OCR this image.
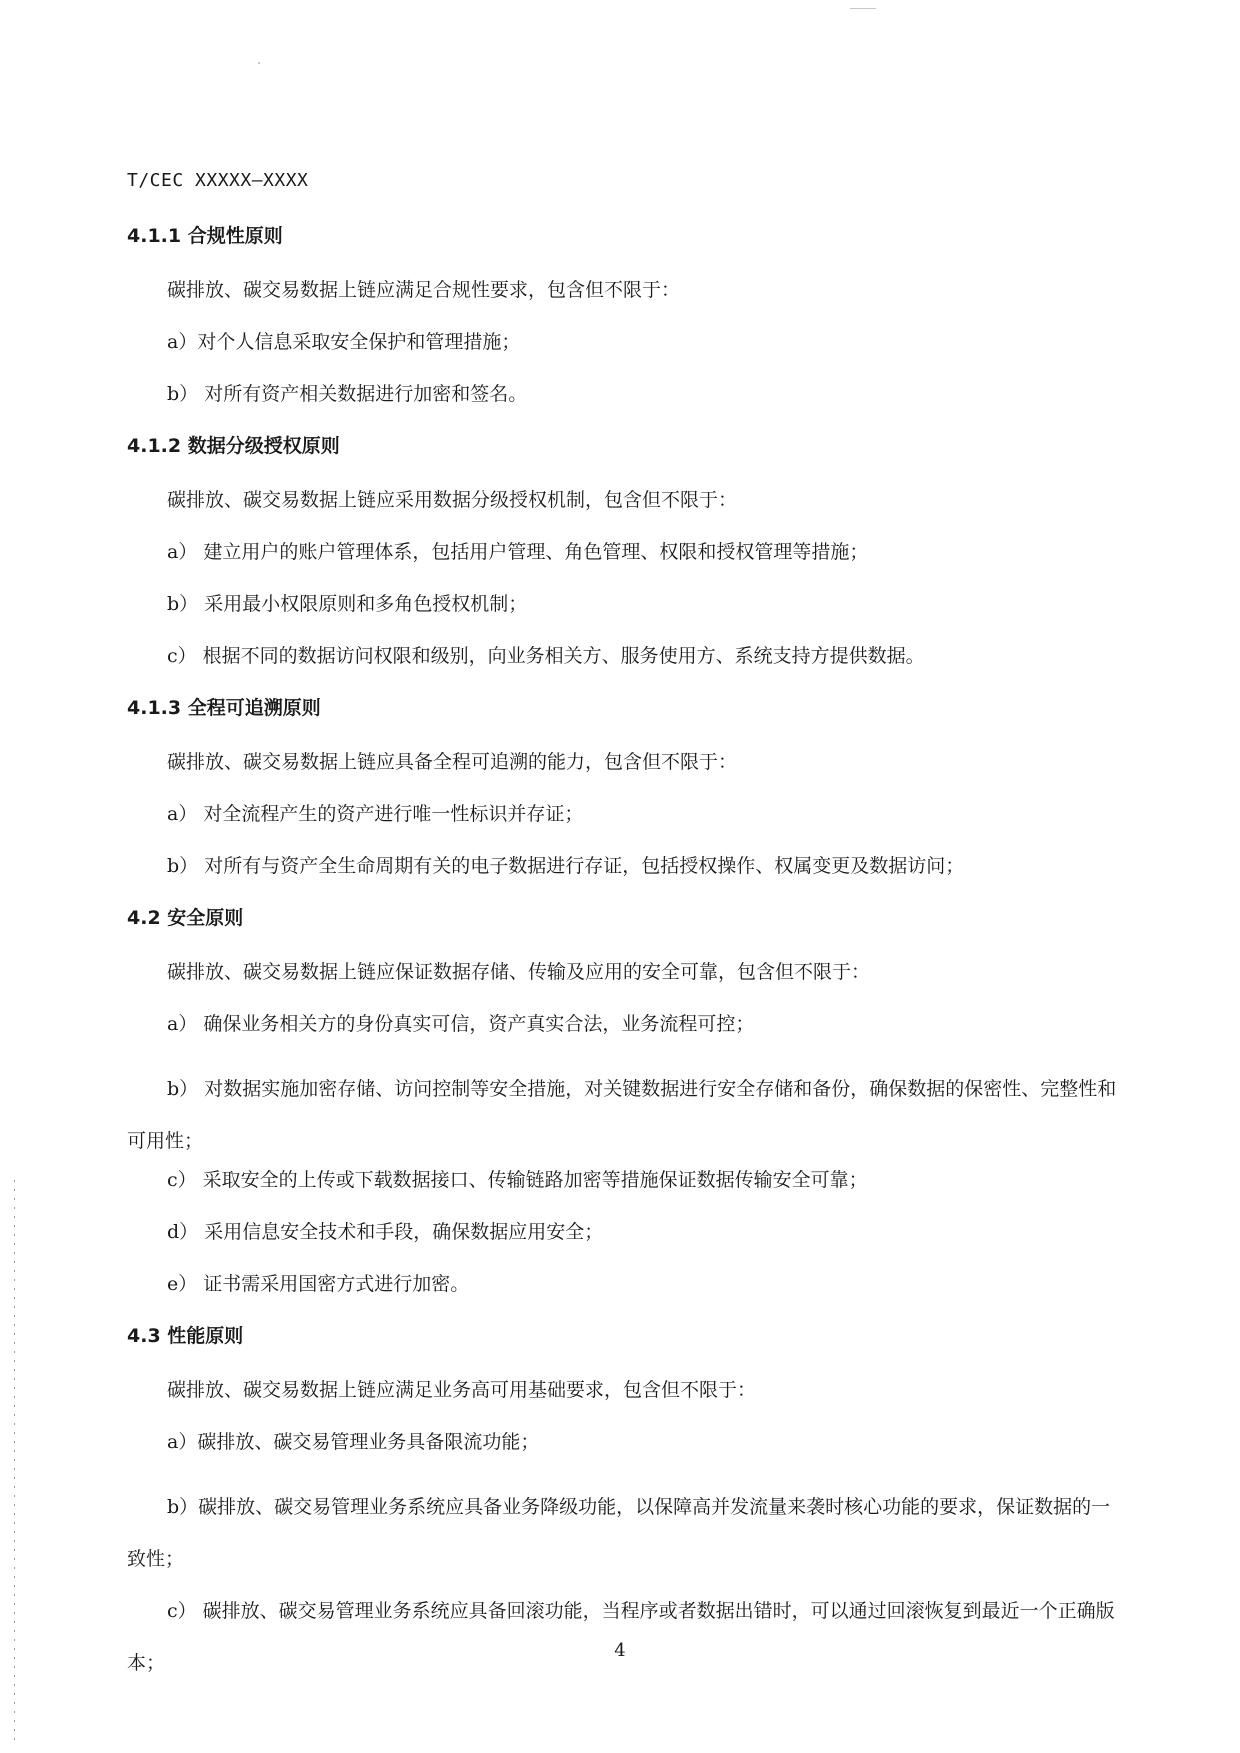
T/CEC XXXXX—XXXX
4.1.1 合规性原则
碳排放、碳交易数据上链应满足合规性要求，包含但不限于：
a）对个人信息采取安全保护和管理措施；
b） 对所有资产相关数据进行加密和签名。
4.1.2 数据分级授权原则
碳排放、碳交易数据上链应采用数据分级授权机制，包含但不限于：
a） 建立用户的账户管理体系，包括用户管理、角色管理、权限和授权管理等措施；
b） 采用最小权限原则和多角色授权机制；
c） 根据不同的数据访问权限和级别，向业务相关方、服务使用方、系统支持方提供数据。
4.1.3 全程可追溯原则
碳排放、碳交易数据上链应具备全程可追溯的能力，包含但不限于：
a） 对全流程产生的资产进行唯一性标识并存证；
b） 对所有与资产全生命周期有关的电子数据进行存证，包括授权操作、权属变更及数据访问；
4.2 安全原则
碳排放、碳交易数据上链应保证数据存储、传输及应用的安全可靠，包含但不限于：
a） 确保业务相关方的身份真实可信，资产真实合法，业务流程可控；
b） 对数据实施加密存储、访问控制等安全措施，对关键数据进行安全存储和备份，确保数据的保密性、完整性和可用性；
c） 采取安全的上传或下载数据接口、传输链路加密等措施保证数据传输安全可靠；
d） 采用信息安全技术和手段，确保数据应用安全；
e） 证书需采用国密方式进行加密。
4.3 性能原则
碳排放、碳交易数据上链应满足业务高可用基础要求，包含但不限于：
a）碳排放、碳交易管理业务具备限流功能；
b）碳排放、碳交易管理业务系统应具备业务降级功能，以保障高并发流量来袭时核心功能的要求，保证数据的一致性；
c） 碳排放、碳交易管理业务系统应具备回滚功能，当程序或者数据出错时，可以通过回滚恢复到最近一个正确版本；
4
